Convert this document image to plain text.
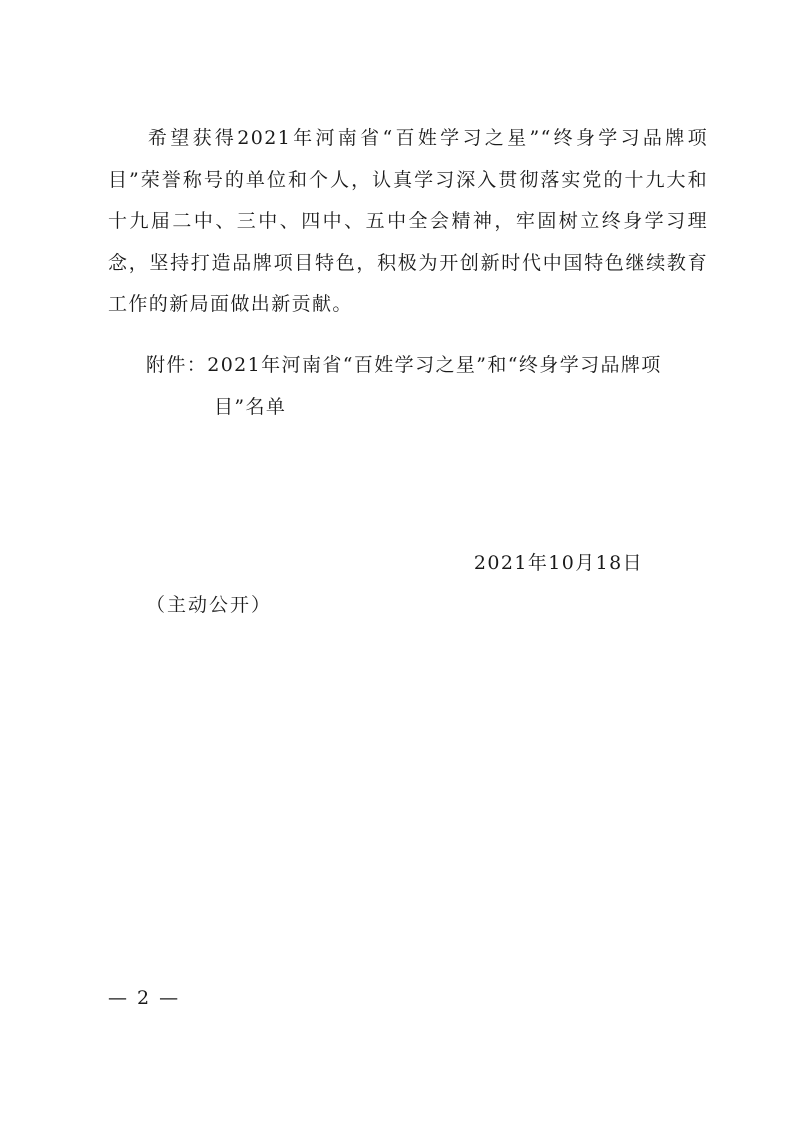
希望获得2021年河南省“百姓学习之星”“终身学习品牌项目”荣誉称号的单位和个人，认真学习深入贯彻落实党的十九大和十九届二中、三中、四中、五中全会精神，牢固树立终身学习理念，坚持打造品牌项目特色，积极为开创新时代中国特色继续教育工作的新局面做出新贡献。

附件：2021年河南省“百姓学习之星”和“终身学习品牌项
目”名单
2021年10月18日
（主动公开）
— 2 —
